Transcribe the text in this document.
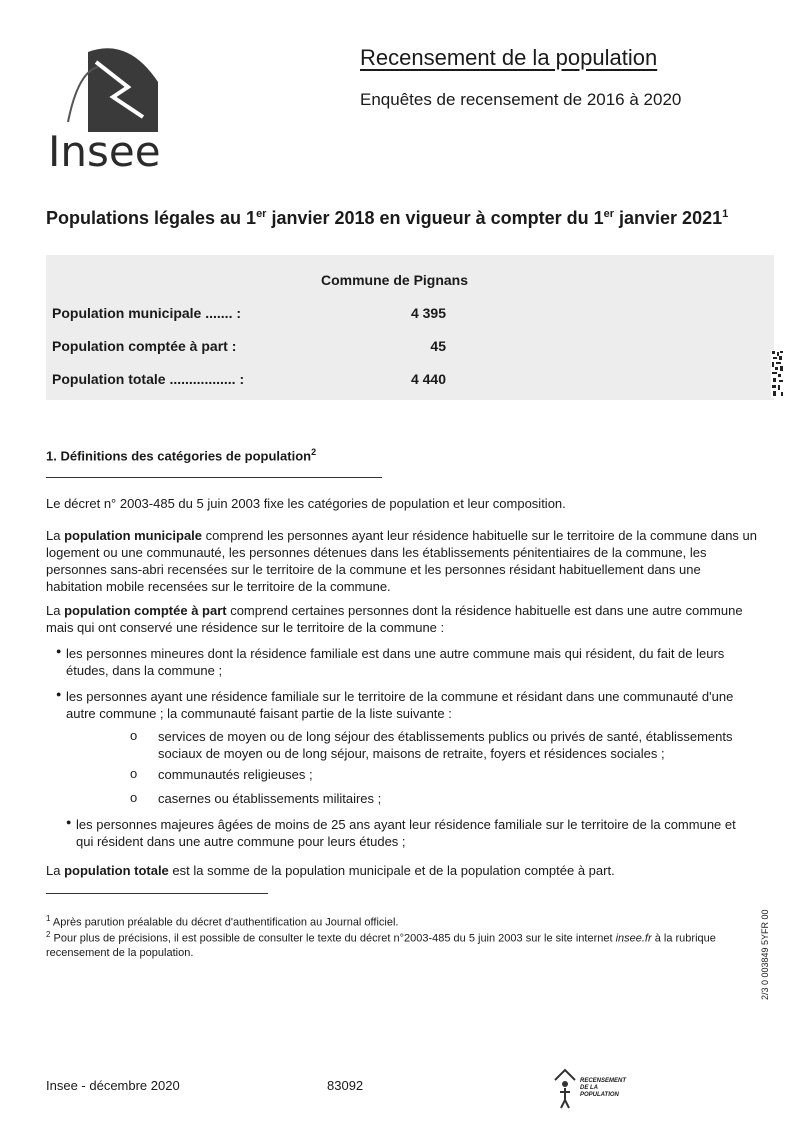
Insee
Recensement de la population
Enquêtes de recensement de 2016 à 2020
Populations légales au 1er janvier 2018 en vigueur à compter du 1er janvier 2021$^1$
Commune de Pignans
Population municipale ....... :	4 395
Population comptée à part :	45
Population totale ................. :	4 440
1. Définitions des catégories de population$^2$

Le décret n° 2003-485 du 5 juin 2003 fixe les catégories de population et leur composition.

La population municipale comprend les personnes ayant leur résidence habituelle sur le territoire de la commune dans un logement ou une communauté, les personnes détenues dans les établissements pénitentiaires de la commune, les personnes sans-abri recensées sur le territoire de la commune et les personnes résidant habituellement dans une habitation mobile recensées sur le territoire de la commune.

La population comptée à part comprend certaines personnes dont la résidence habituelle est dans une autre commune mais qui ont conservé une résidence sur le territoire de la commune :

● les personnes mineures dont la résidence familiale est dans une autre commune mais qui résident, du fait de leurs études, dans la commune ;
● les personnes ayant une résidence familiale sur le territoire de la commune et résidant dans une communauté d'une autre commune ; la communauté faisant partie de la liste suivante :
o services de moyen ou de long séjour des établissements publics ou privés de santé, établissements sociaux de moyen ou de long séjour, maisons de retraite, foyers et résidences sociales ;
o communautés religieuses ;
o casernes ou établissements militaires ;
● les personnes majeures âgées de moins de 25 ans ayant leur résidence familiale sur le territoire de la commune et qui résident dans une autre commune pour leurs études ;

La population totale est la somme de la population municipale et de la population comptée à part.

$^1$ Après parution préalable du décret d'authentification au Journal officiel.
$^2$ Pour plus de précisions, il est possible de consulter le texte du décret n°2003-485 du 5 juin 2003 sur le site internet insee.fr à la rubrique recensement de la population.	2/3 0 003849 5YFR 00
Insee - décembre 2020	83092	RECENSEMENT DE LA POPULATION
